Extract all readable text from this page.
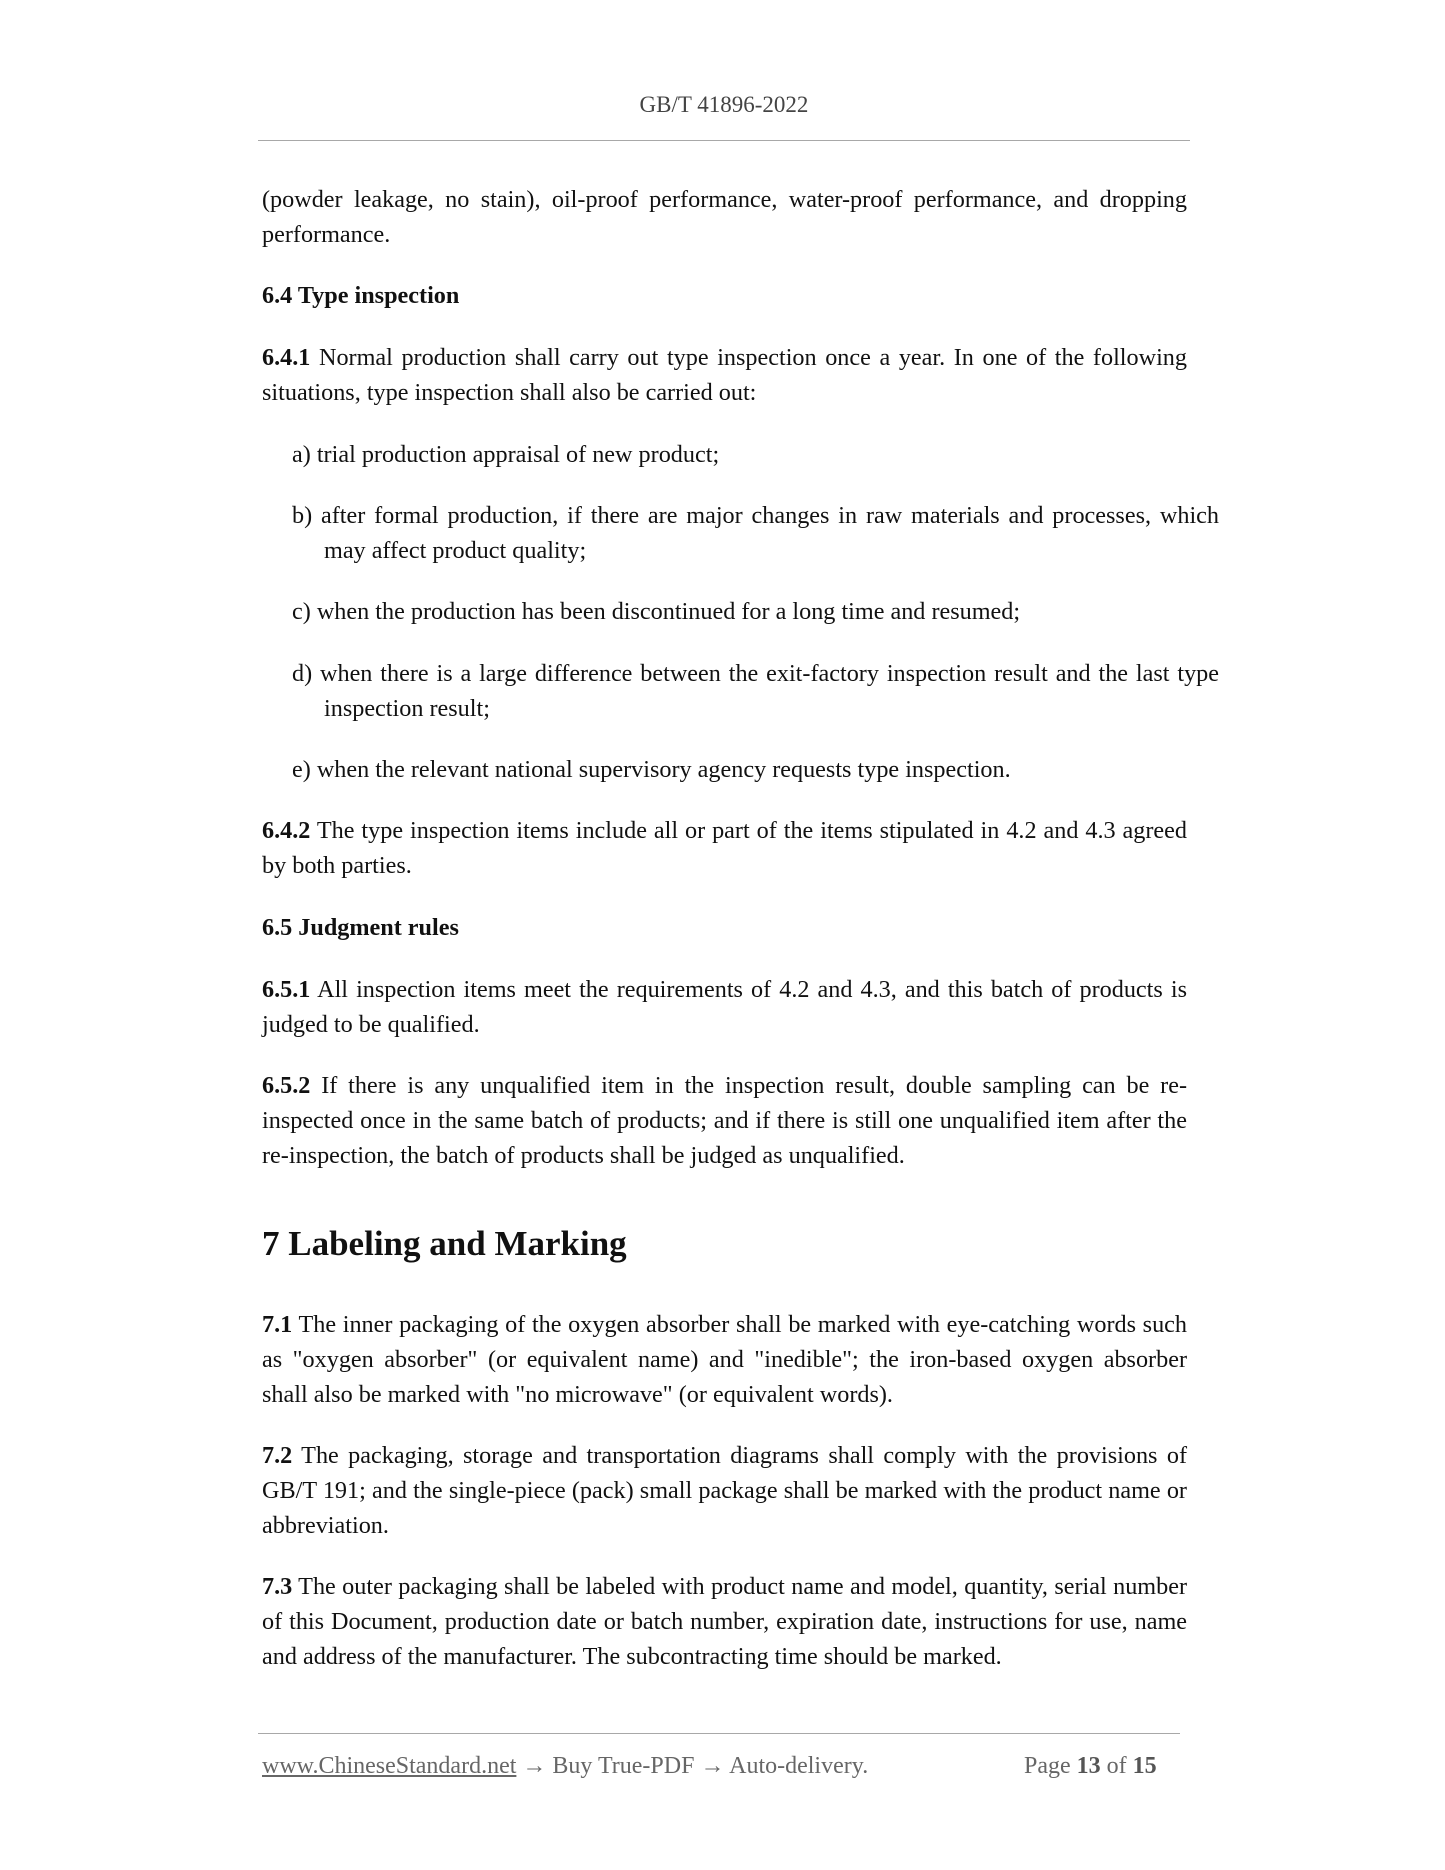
GB/T 41896-2022
(powder leakage, no stain), oil-proof performance, water-proof performance, and dropping performance.
6.4 Type inspection
6.4.1 Normal production shall carry out type inspection once a year. In one of the following situations, type inspection shall also be carried out:
a) trial production appraisal of new product;
b) after formal production, if there are major changes in raw materials and processes, which may affect product quality;
c) when the production has been discontinued for a long time and resumed;
d) when there is a large difference between the exit-factory inspection result and the last type inspection result;
e) when the relevant national supervisory agency requests type inspection.
6.4.2 The type inspection items include all or part of the items stipulated in 4.2 and 4.3 agreed by both parties.
6.5 Judgment rules
6.5.1 All inspection items meet the requirements of 4.2 and 4.3, and this batch of products is judged to be qualified.
6.5.2 If there is any unqualified item in the inspection result, double sampling can be re-inspected once in the same batch of products; and if there is still one unqualified item after the re-inspection, the batch of products shall be judged as unqualified.
7 Labeling and Marking
7.1 The inner packaging of the oxygen absorber shall be marked with eye-catching words such as "oxygen absorber" (or equivalent name) and "inedible"; the iron-based oxygen absorber shall also be marked with "no microwave" (or equivalent words).
7.2 The packaging, storage and transportation diagrams shall comply with the provisions of GB/T 191; and the single-piece (pack) small package shall be marked with the product name or abbreviation.
7.3 The outer packaging shall be labeled with product name and model, quantity, serial number of this Document, production date or batch number, expiration date, instructions for use, name and address of the manufacturer. The subcontracting time should be marked.
www.ChineseStandard.net → Buy True-PDF → Auto-delivery.	Page 13 of 15
